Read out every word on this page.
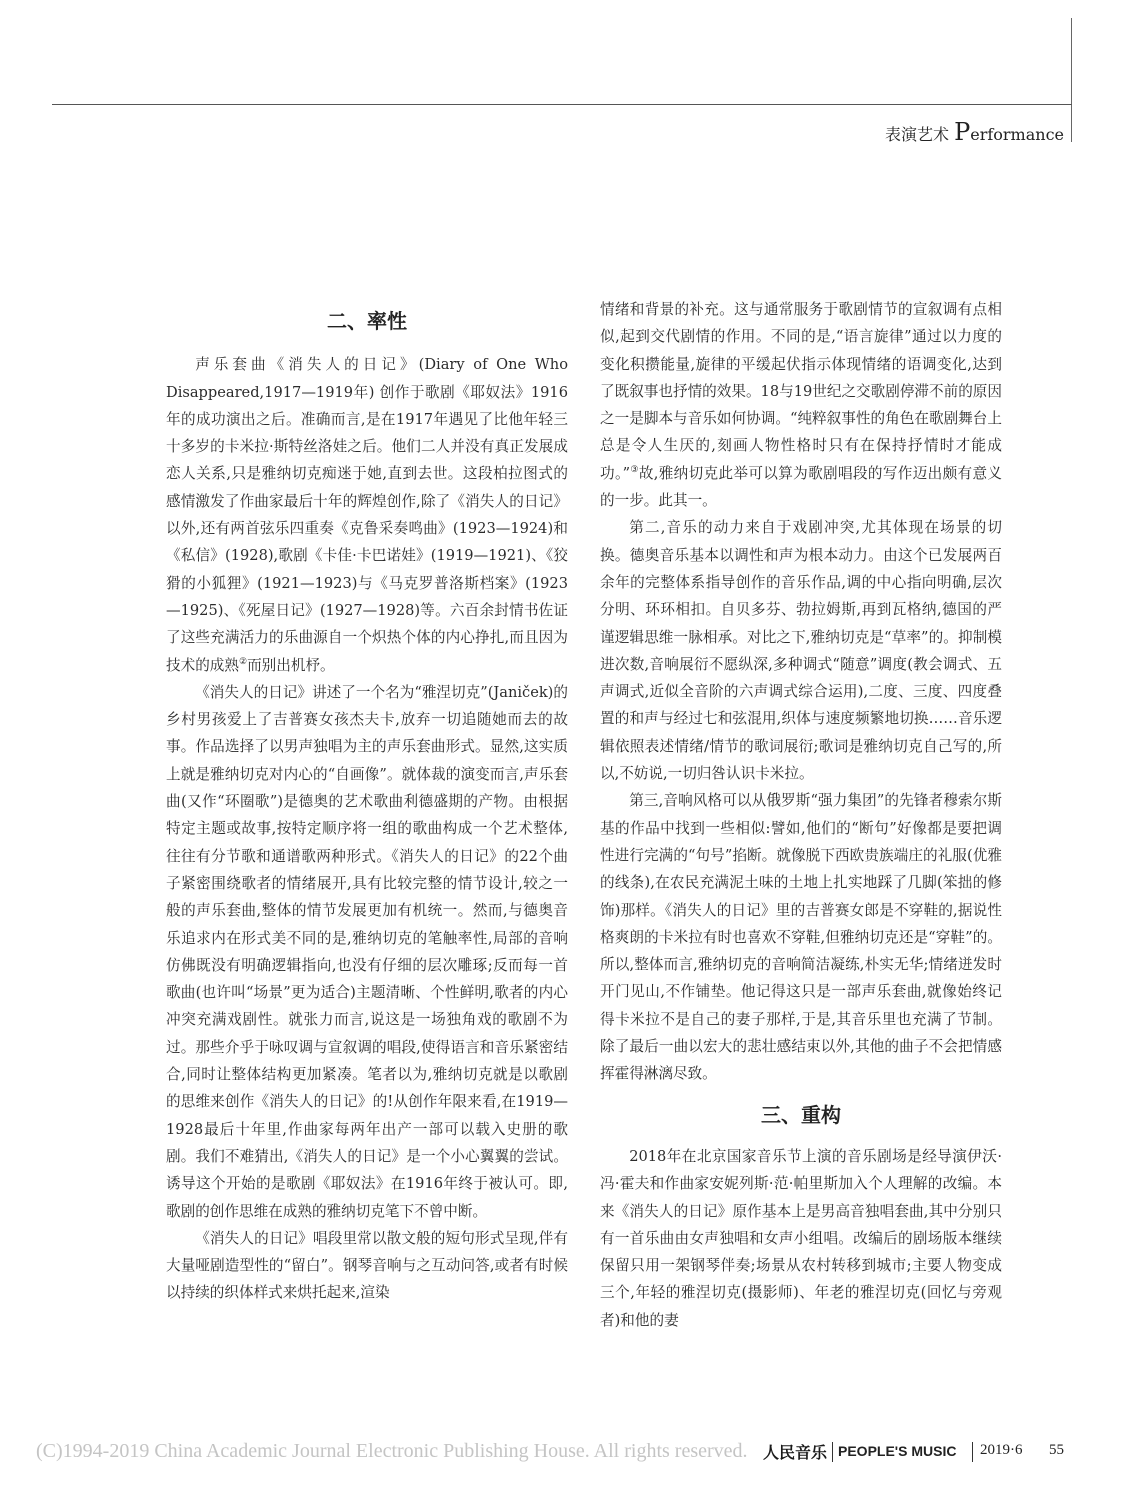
表演艺术 Performance
二、率性

声乐套曲《消失人的日记》(Diary of One Who Disappeared,1917—1919年) 创作于歌剧《耶奴法》1916年的成功演出之后。准确而言,是在1917年遇见了比他年轻三十多岁的卡米拉·斯特丝洛娃之后。他们二人并没有真正发展成恋人关系,只是雅纳切克痴迷于她,直到去世。这段柏拉图式的感情激发了作曲家最后十年的辉煌创作,除了《消失人的日记》以外,还有两首弦乐四重奏《克鲁采奏鸣曲》(1923—1924)和《私信》(1928),歌剧《卡佳·卡巴诺娃》(1919—1921)、《狡猾的小狐狸》(1921—1923)与《马克罗普洛斯档案》(1923—1925)、《死屋日记》(1927—1928)等。六百余封情书佐证了这些充满活力的乐曲源自一个炽热个体的内心挣扎,而且因为技术的成熟②而别出机杼。

《消失人的日记》讲述了一个名为“雅涅切克”(Janiček)的乡村男孩爱上了吉普赛女孩杰夫卡,放弃一切追随她而去的故事。作品选择了以男声独唱为主的声乐套曲形式。显然,这实质上就是雅纳切克对内心的“自画像”。就体裁的演变而言,声乐套曲(又作“环圈歌”)是德奥的艺术歌曲利德盛期的产物。由根据特定主题或故事,按特定顺序将一组的歌曲构成一个艺术整体,往往有分节歌和通谱歌两种形式。《消失人的日记》的22个曲子紧密围绕歌者的情绪展开,具有比较完整的情节设计,较之一般的声乐套曲,整体的情节发展更加有机统一。然而,与德奥音乐追求内在形式美不同的是,雅纳切克的笔触率性,局部的音响仿佛既没有明确逻辑指向,也没有仔细的层次雕琢;反而每一首歌曲(也许叫“场景”更为适合)主题清晰、个性鲜明,歌者的内心冲突充满戏剧性。就张力而言,说这是一场独角戏的歌剧不为过。那些介乎于咏叹调与宣叙调的唱段,使得语言和音乐紧密结合,同时让整体结构更加紧凑。笔者以为,雅纳切克就是以歌剧的思维来创作《消失人的日记》的!从创作年限来看,在1919—1928最后十年里,作曲家每两年出产一部可以载入史册的歌剧。我们不难猜出,《消失人的日记》是一个小心翼翼的尝试。诱导这个开始的是歌剧《耶奴法》在1916年终于被认可。即,歌剧的创作思维在成熟的雅纳切克笔下不曾中断。

《消失人的日记》唱段里常以散文般的短句形式呈现,伴有大量哑剧造型性的“留白”。钢琴音响与之互动问答,或者有时候以持续的织体样式来烘托起来,渲染

情绪和背景的补充。这与通常服务于歌剧情节的宣叙调有点相似,起到交代剧情的作用。不同的是,“语言旋律”通过以力度的变化积攒能量,旋律的平缓起伏指示体现情绪的语调变化,达到了既叙事也抒情的效果。18与19世纪之交歌剧停滞不前的原因之一是脚本与音乐如何协调。“纯粹叙事性的角色在歌剧舞台上总是令人生厌的,刻画人物性格时只有在保持抒情时才能成功。”③故,雅纳切克此举可以算为歌剧唱段的写作迈出颇有意义的一步。此其一。

第二,音乐的动力来自于戏剧冲突,尤其体现在场景的切换。德奥音乐基本以调性和声为根本动力。由这个已发展两百余年的完整体系指导创作的音乐作品,调的中心指向明确,层次分明、环环相扣。自贝多芬、勃拉姆斯,再到瓦格纳,德国的严谨逻辑思维一脉相承。对比之下,雅纳切克是“草率”的。抑制模进次数,音响展衍不愿纵深,多种调式“随意”调度(教会调式、五声调式,近似全音阶的六声调式综合运用),二度、三度、四度叠置的和声与经过七和弦混用,织体与速度频繁地切换……音乐逻辑依照表述情绪/情节的歌词展衍;歌词是雅纳切克自己写的,所以,不妨说,一切归咎认识卡米拉。

第三,音响风格可以从俄罗斯“强力集团”的先锋者穆索尔斯基的作品中找到一些相似:譬如,他们的“断句”好像都是要把调性进行完满的“句号”掐断。就像脱下西欧贵族端庄的礼服(优雅的线条),在农民充满泥土味的土地上扎实地踩了几脚(笨拙的修饰)那样。《消失人的日记》里的吉普赛女郎是不穿鞋的,据说性格爽朗的卡米拉有时也喜欢不穿鞋,但雅纳切克还是“穿鞋”的。所以,整体而言,雅纳切克的音响简洁凝练,朴实无华;情绪迸发时开门见山,不作铺垫。他记得这只是一部声乐套曲,就像始终记得卡米拉不是自己的妻子那样,于是,其音乐里也充满了节制。除了最后一曲以宏大的悲壮感结束以外,其他的曲子不会把情感挥霍得淋漓尽致。

三、重构

2018年在北京国家音乐节上演的音乐剧场是经导演伊沃·冯·霍夫和作曲家安妮列斯·范·帕里斯加入个人理解的改编。本来《消失人的日记》原作基本上是男高音独唱套曲,其中分别只有一首乐曲由女声独唱和女声小组唱。改编后的剧场版本继续保留只用一架钢琴伴奏;场景从农村转移到城市;主要人物变成三个,年轻的雅涅切克(摄影师)、年老的雅涅切克(回忆与旁观者)和他的妻

(C)1994-2019 China Academic Journal Electronic Publishing House. All rights reserved. 人民音乐 PEOPLE'S MUSIC 2019·6 55
